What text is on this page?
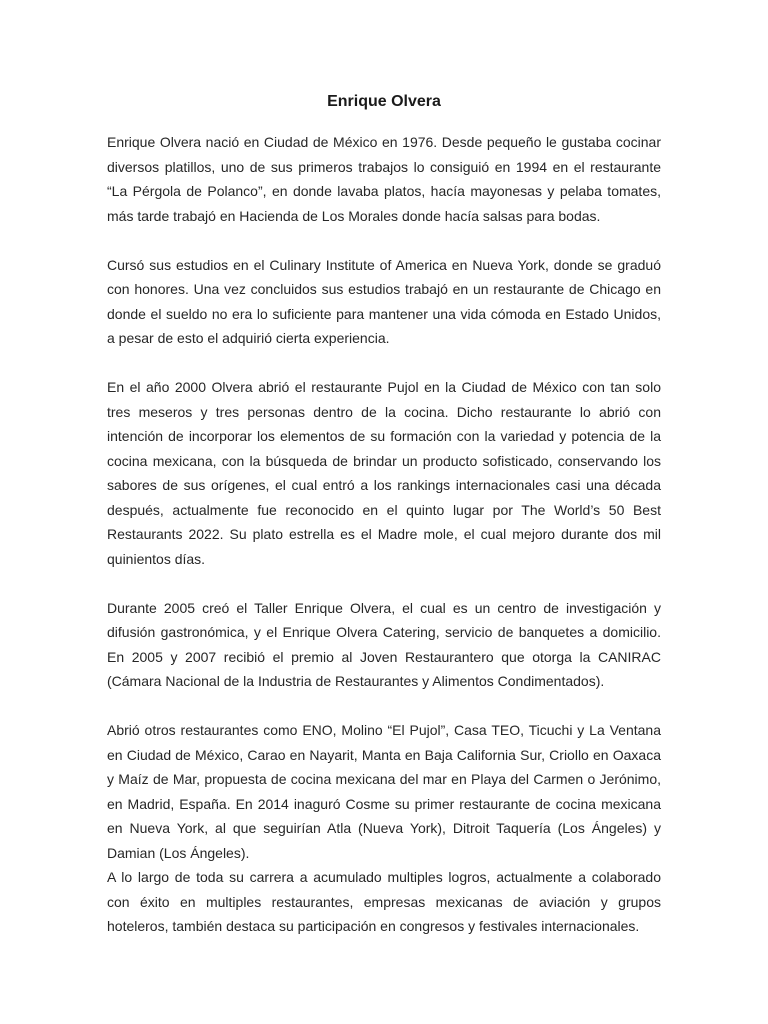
Enrique Olvera

Enrique Olvera nació en Ciudad de México en 1976. Desde pequeño le gustaba cocinar diversos platillos, uno de sus primeros trabajos lo consiguió en 1994 en el restaurante “La Pérgola de Polanco”, en donde lavaba platos, hacía mayonesas y pelaba tomates, más tarde trabajó en Hacienda de Los Morales donde hacía salsas para bodas.

Cursó sus estudios en el Culinary Institute of America en Nueva York, donde se graduó con honores. Una vez concluidos sus estudios trabajó en un restaurante de Chicago en donde el sueldo no era lo suficiente para mantener una vida cómoda en Estado Unidos, a pesar de esto el adquirió cierta experiencia.

En el año 2000 Olvera abrió el restaurante Pujol en la Ciudad de México con tan solo tres meseros y tres personas dentro de la cocina. Dicho restaurante lo abrió con intención de incorporar los elementos de su formación con la variedad y potencia de la cocina mexicana, con la búsqueda de brindar un producto sofisticado, conservando los sabores de sus orígenes, el cual entró a los rankings internacionales casi una década después, actualmente fue reconocido en el quinto lugar por The World’s 50 Best Restaurants 2022. Su plato estrella es el Madre mole, el cual mejoro durante dos mil quinientos días.

Durante 2005 creó el Taller Enrique Olvera, el cual es un centro de investigación y difusión gastronómica, y el Enrique Olvera Catering, servicio de banquetes a domicilio. En 2005 y 2007 recibió el premio al Joven Restaurantero que otorga la CANIRAC (Cámara Nacional de la Industria de Restaurantes y Alimentos Condimentados).

Abrió otros restaurantes como ENO, Molino “El Pujol”, Casa TEO, Ticuchi y La Ventana en Ciudad de México, Carao en Nayarit, Manta en Baja California Sur, Criollo en Oaxaca y Maíz de Mar, propuesta de cocina mexicana del mar en Playa del Carmen o Jerónimo, en Madrid, España. En 2014 inaguró Cosme su primer restaurante de cocina mexicana en Nueva York, al que seguirían Atla (Nueva York), Ditroit Taquería (Los Ángeles) y Damian (Los Ángeles).

A lo largo de toda su carrera a acumulado multiples logros, actualmente a colaborado con éxito en multiples restaurantes, empresas mexicanas de aviación y grupos hoteleros, también destaca su participación en congresos y festivales internacionales.
